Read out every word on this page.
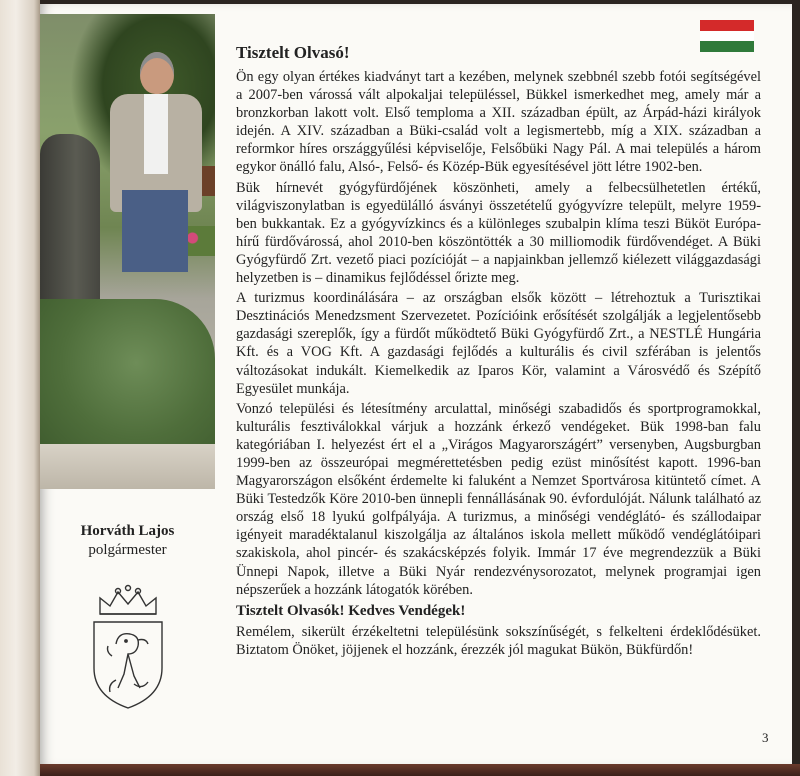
Horváth Lajos
polgármester
Tisztelt Olvasó!

Ön egy olyan értékes kiadványt tart a kezében, melynek szebbnél szebb fotói segítségével a 2007-ben várossá vált alpokaljai településsel, Bükkel ismerkedhet meg, amely már a bronzkorban lakott volt. Első temploma a XII. században épült, az Árpád-házi királyok idején. A XIV. században a Büki-család volt a legismertebb, míg a XIX. században a reformkor híres országgyűlési képviselője, Felsőbüki Nagy Pál. A mai település a három egykor önálló falu, Alsó-, Felső- és Közép-Bük egyesítésével jött létre 1902-ben.

Bük hírnevét gyógyfürdőjének köszönheti, amely a felbecsülhetetlen értékű, világviszonylatban is egyedülálló ásványi összetételű gyógyvízre települt, melyre 1959-ben bukkantak. Ez a gyógyvízkincs és a különleges szubalpin klíma teszi Büköt Európa-hírű fürdővárossá, ahol 2010-ben köszöntötték a 30 milliomodik fürdővendéget. A Büki Gyógyfürdő Zrt. vezető piaci pozícióját – a napjainkban jellemző kiélezett világgazdasági helyzetben is – dinamikus fejlődéssel őrizte meg.

A turizmus koordinálására – az országban elsők között – létrehoztuk a Turisztikai Desztinációs Menedzsment Szervezetet. Pozícióink erősítését szolgálják a legjelentősebb gazdasági szereplők, így a fürdőt működtető Büki Gyógyfürdő Zrt., a NESTLÉ Hungária Kft. és a VOG Kft. A gazdasági fejlődés a kulturális és civil szférában is jelentős változásokat indukált. Kiemelkedik az Iparos Kör, valamint a Városvédő és Szépítő Egyesület munkája.

Vonzó települési és létesítmény arculattal, minőségi szabadidős és sportprogramokkal, kulturális fesztiválokkal várjuk a hozzánk érkező vendégeket. Bük 1998-ban falu kategóriában I. helyezést ért el a „Virágos Magyarországért” versenyben, Augsburgban 1999-ben az összeurópai megmérettetésben pedig ezüst minősítést kapott. 1996-ban Magyarországon elsőként érdemelte ki faluként a Nemzet Sportvárosa kitüntető címet. A Büki Testedzők Köre 2010-ben ünnepli fennállásának 90. évfordulóját. Nálunk található az ország első 18 lyukú golfpályája. A turizmus, a minőségi vendéglátó- és szállodaipar igényeit maradéktalanul kiszolgálja az általános iskola mellett működő vendéglátóipari szakiskola, ahol pincér- és szakácsképzés folyik. Immár 17 éve megrendezzük a Büki Ünnepi Napok, illetve a Büki Nyár rendezvénysorozatot, melynek programjai igen népszerűek a hozzánk látogatók körében.

Tisztelt Olvasók! Kedves Vendégek!

Remélem, sikerült érzékeltetni településünk sokszínűségét, s felkelteni érdeklődésüket. Biztatom Önöket, jöjjenek el hozzánk, érezzék jól magukat Bükön, Bükfürdőn!

3
